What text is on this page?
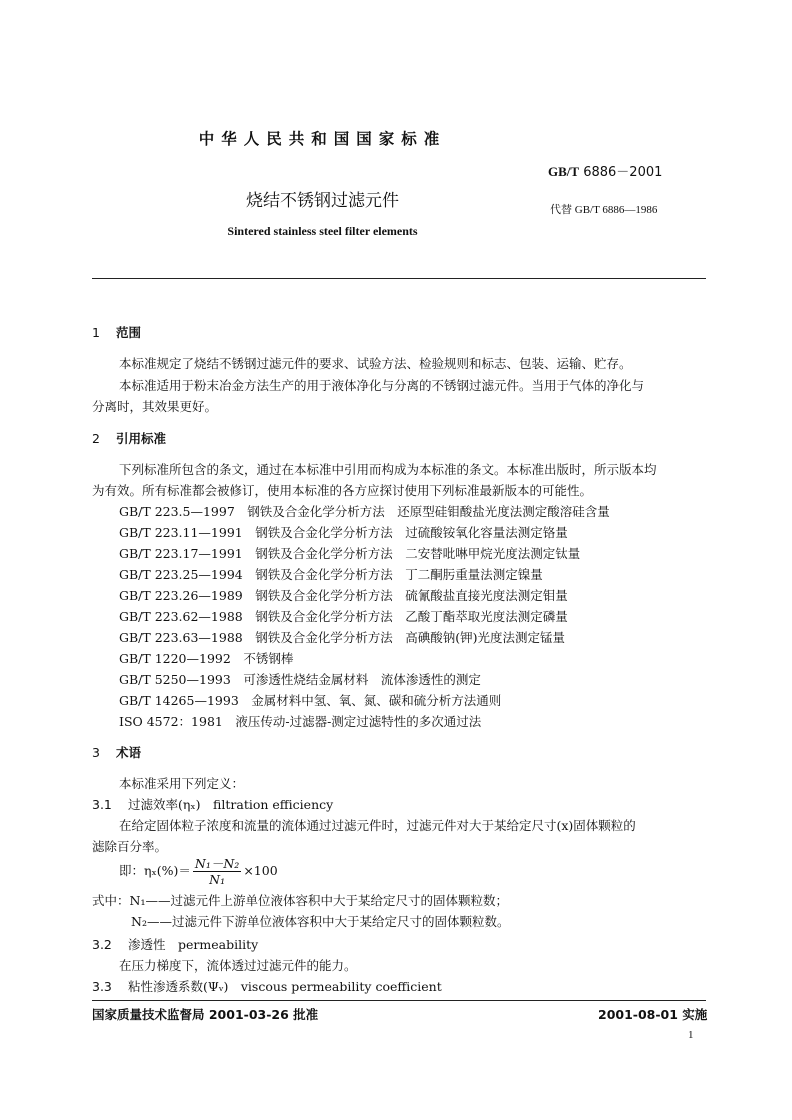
中华人民共和国国家标准
GB/T 6886－2001
烧结不锈钢过滤元件	代替 GB/T 6886—1986
Sintered stainless steel filter elements
1 范围
本标准规定了烧结不锈钢过滤元件的要求、试验方法、检验规则和标志、包装、运输、贮存。
本标准适用于粉末冶金方法生产的用于液体净化与分离的不锈钢过滤元件。当用于气体的净化与
分离时，其效果更好。
2 引用标准
下列标准所包含的条文，通过在本标准中引用而构成为本标准的条文。本标准出版时，所示版本均
为有效。所有标准都会被修订，使用本标准的各方应探讨使用下列标准最新版本的可能性。
GB/T 223.5—1997　钢铁及合金化学分析方法　还原型硅钼酸盐光度法测定酸溶硅含量
GB/T 223.11—1991　钢铁及合金化学分析方法　过硫酸铵氧化容量法测定铬量
GB/T 223.17—1991　钢铁及合金化学分析方法　二安替吡啉甲烷光度法测定钛量
GB/T 223.25—1994　钢铁及合金化学分析方法　丁二酮肟重量法测定镍量
GB/T 223.26—1989　钢铁及合金化学分析方法　硫氰酸盐直接光度法测定钼量
GB/T 223.62—1988　钢铁及合金化学分析方法　乙酸丁酯萃取光度法测定磷量
GB/T 223.63—1988　钢铁及合金化学分析方法　高碘酸钠(钾)光度法测定锰量
GB/T 1220—1992　不锈钢棒
GB/T 5250—1993　可渗透性烧结金属材料　流体渗透性的测定
GB/T 14265—1993　金属材料中氢、氧、氮、碳和硫分析方法通则
ISO 4572：1981　液压传动-过滤器-测定过滤特性的多次通过法
3 术语
本标准采用下列定义：
3.1 过滤效率(ηₓ)　filtration efficiency
在给定固体粒子浓度和流量的流体通过过滤元件时，过滤元件对大于某给定尺寸(x)固体颗粒的
滤除百分率。
即：$\eta_x(\%)= \frac{\text{N₁－N₂}}{\text{N₁}} \times 100$
式中：N₁——过滤元件上游单位液体容积中大于某给定尺寸的固体颗粒数；
N₂——过滤元件下游单位液体容积中大于某给定尺寸的固体颗粒数。
3.2 渗透性　permeability
在压力梯度下，流体透过过滤元件的能力。
3.3 粘性渗透系数(Ψᵥ)　viscous permeability coefficient
国家质量技术监督局 2001-03-26 批准	2001-08-01 实施
1
